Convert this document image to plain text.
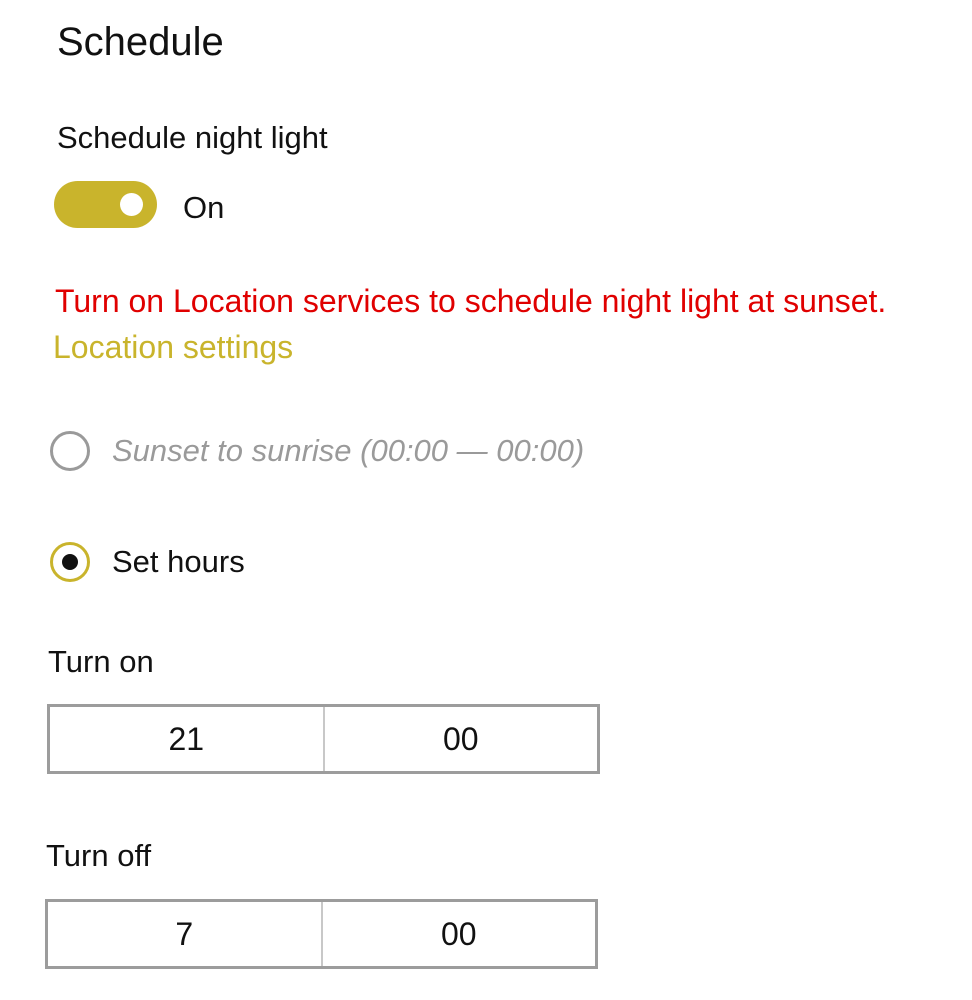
Schedule
Schedule night light
On
Turn on Location services to schedule night light at sunset.
Location settings
Sunset to sunrise (00:00 — 00:00)
Set hours
Turn on
21	00
Turn off
7	00
